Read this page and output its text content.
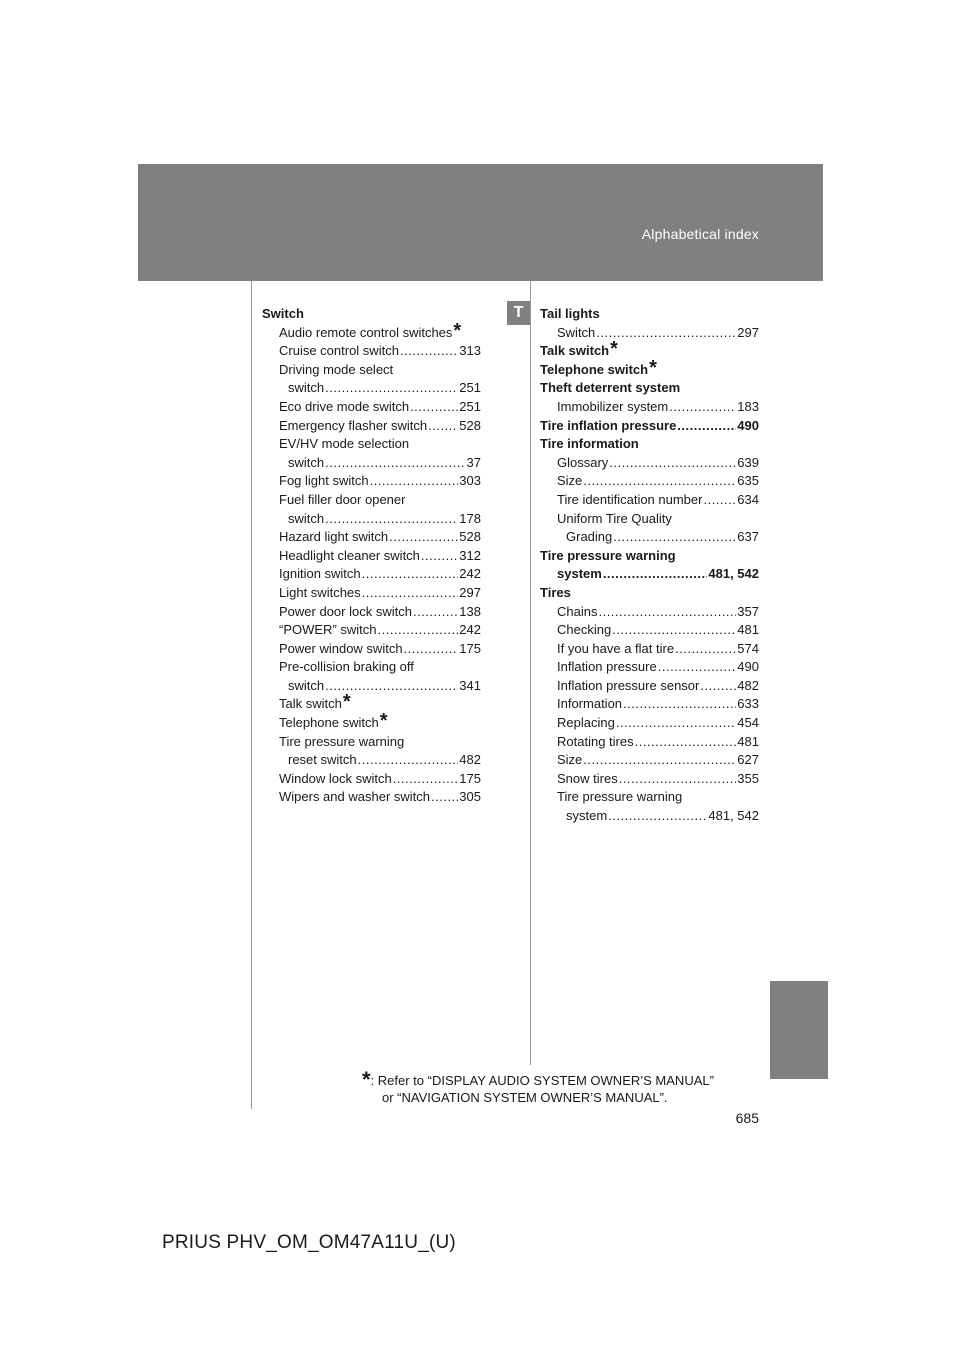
Alphabetical index
Switch
Audio remote control switches *
Cruise control switch .....	313
Driving mode select
switch .....	251
Eco drive mode switch .....	251
Emergency flasher switch ..... 528
EV/HV mode selection
switch .....	37
Fog light switch .....	303
Fuel filler door opener
switch .....	178
Hazard light switch .....	528
Headlight cleaner switch .....	312
Ignition switch .....	242
Light switches .....	297
Power door lock switch .....	138
“POWER” switch .....	242
Power window switch .....	175
Pre-collision braking off
switch .....	341
Talk switch *
Telephone switch *
Tire pressure warning
reset switch .....	482
Window lock switch .....	175
Wipers and washer switch ..... 305
T	Tail lights
Switch .....	297
Talk switch *
Telephone switch *
Theft deterrent system
Immobilizer system .....	183
Tire inflation pressure .....	490
Tire information
Glossary .....	639
Size .....	635
Tire identification number .....	634
Uniform Tire Quality
Grading .....	637
Tire pressure warning
system .....	481, 542
Tires
Chains .....	357
Checking .....	481
If you have a flat tire .....	574
Inflation pressure .....	490
Inflation pressure sensor .....	482
Information .....	633
Replacing .....	454
Rotating tires .....	481
Size .....	627
Snow tires .....	355
Tire pressure warning
system .....	481, 542
*: Refer to “DISPLAY AUDIO SYSTEM OWNER’S MANUAL”
or “NAVIGATION SYSTEM OWNER’S MANUAL”.
685
PRIUS PHV_OM_OM47A11U_(U)
